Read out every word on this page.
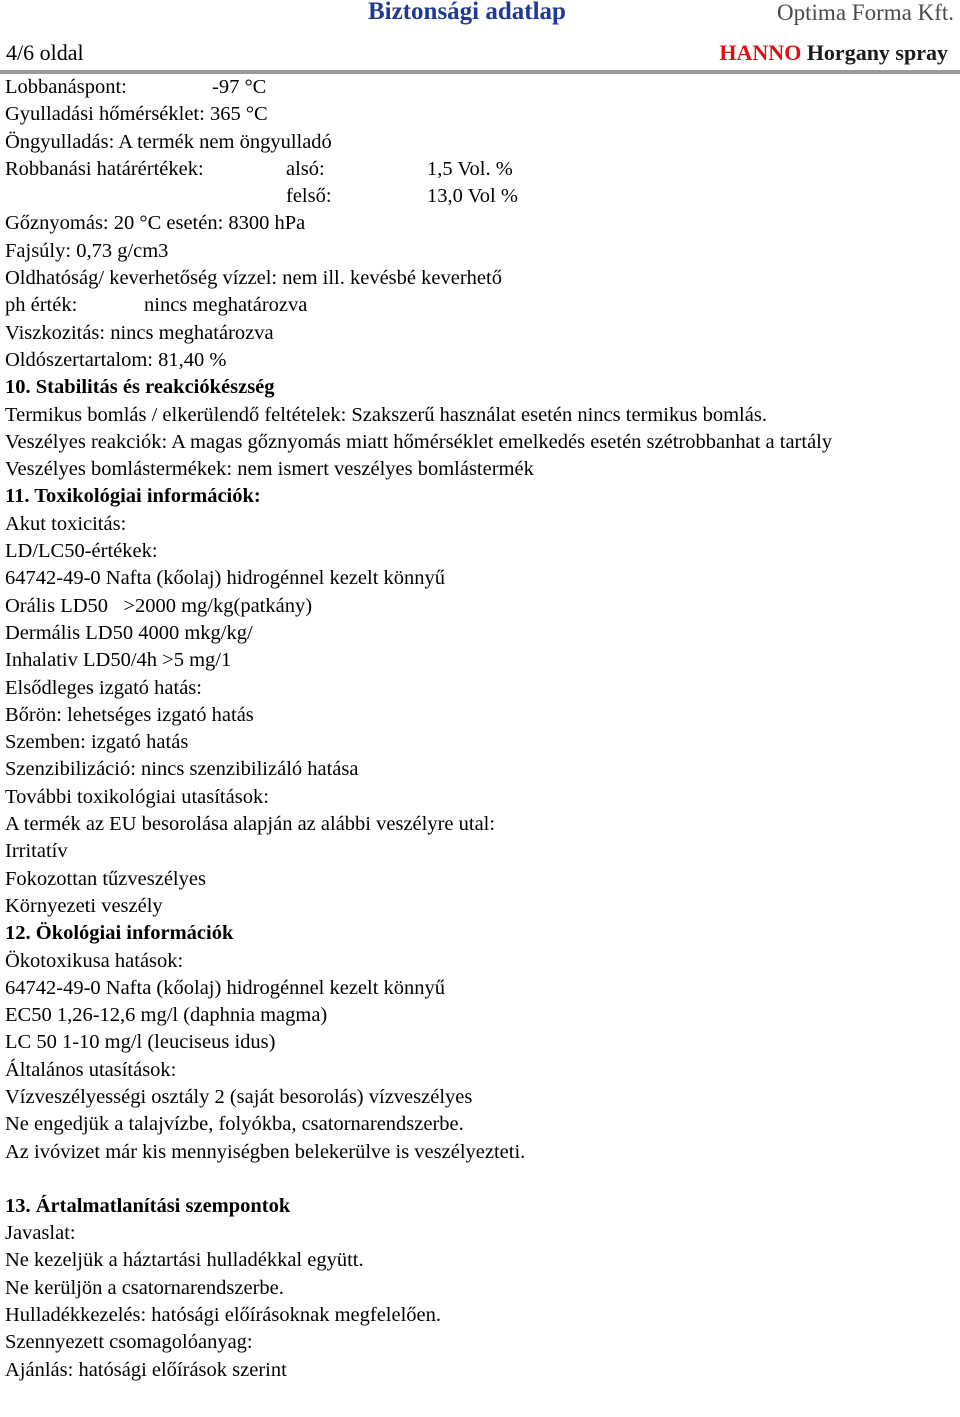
Biztonsági adatlap	Optima Forma Kft.
4/6 oldal	HANNO Horgany spray
Lobbanáspont:	-97 °C
Gyulladási hőmérséklet: 365 °C
Öngyulladás: A termék nem öngyulladó
Robbanási határértékek:	alsó:	1,5 Vol. %
felső:	13,0 Vol %
Gőznyomás: 20 °C esetén: 8300 hPa
Fajsúly: 0,73 g/cm3
Oldhatóság/ keverhetőség vízzel: nem ill. kevésbé keverhető
ph érték:	nincs meghatározva
Viszkozitás: nincs meghatározva
Oldószertartalom: 81,40 %
10. Stabilitás és reakciókészség
Termikus bomlás / elkerülendő feltételek: Szakszerű használat esetén nincs termikus bomlás.
Veszélyes reakciók: A magas gőznyomás miatt hőmérséklet emelkedés esetén szétrobbanhat a tartály
Veszélyes bomlástermékek: nem ismert veszélyes bomlástermék
11. Toxikológiai információk:
Akut toxicitás:
LD/LC50-értékek:
64742-49-0 Nafta (kőolaj) hidrogénnel kezelt könnyű
Orális LD50   >2000 mg/kg(patkány)
Dermális LD50 4000 mkg/kg/
Inhalativ LD50/4h >5 mg/1
Elsődleges izgató hatás:
Bőrön: lehetséges izgató hatás
Szemben: izgató hatás
Szenzibilizáció: nincs szenzibilizáló hatása
További toxikológiai utasítások:
A termék az EU besorolása alapján az alábbi veszélyre utal:
Irritatív
Fokozottan tűzveszélyes
Környezeti veszély
12. Ökológiai információk
Ökotoxikusa hatások:
64742-49-0 Nafta (kőolaj) hidrogénnel kezelt könnyű
EC50 1,26-12,6 mg/l (daphnia magma)
LC 50 1-10 mg/l (leuciseus idus)
Általános utasítások:
Vízveszélyességi osztály 2 (saját besorolás) vízveszélyes
Ne engedjük a talajvízbe, folyókba, csatornarendszerbe.
Az ivóvizet már kis mennyiségben belekerülve is veszélyezteti.
13. Ártalmatlanítási szempontok
Javaslat:
Ne kezeljük a háztartási hulladékkal együtt.
Ne kerüljön a csatornarendszerbe.
Hulladékkezelés: hatósági előírásoknak megfelelően.
Szennyezett csomagolóanyag:
Ajánlás: hatósági előírások szerint
